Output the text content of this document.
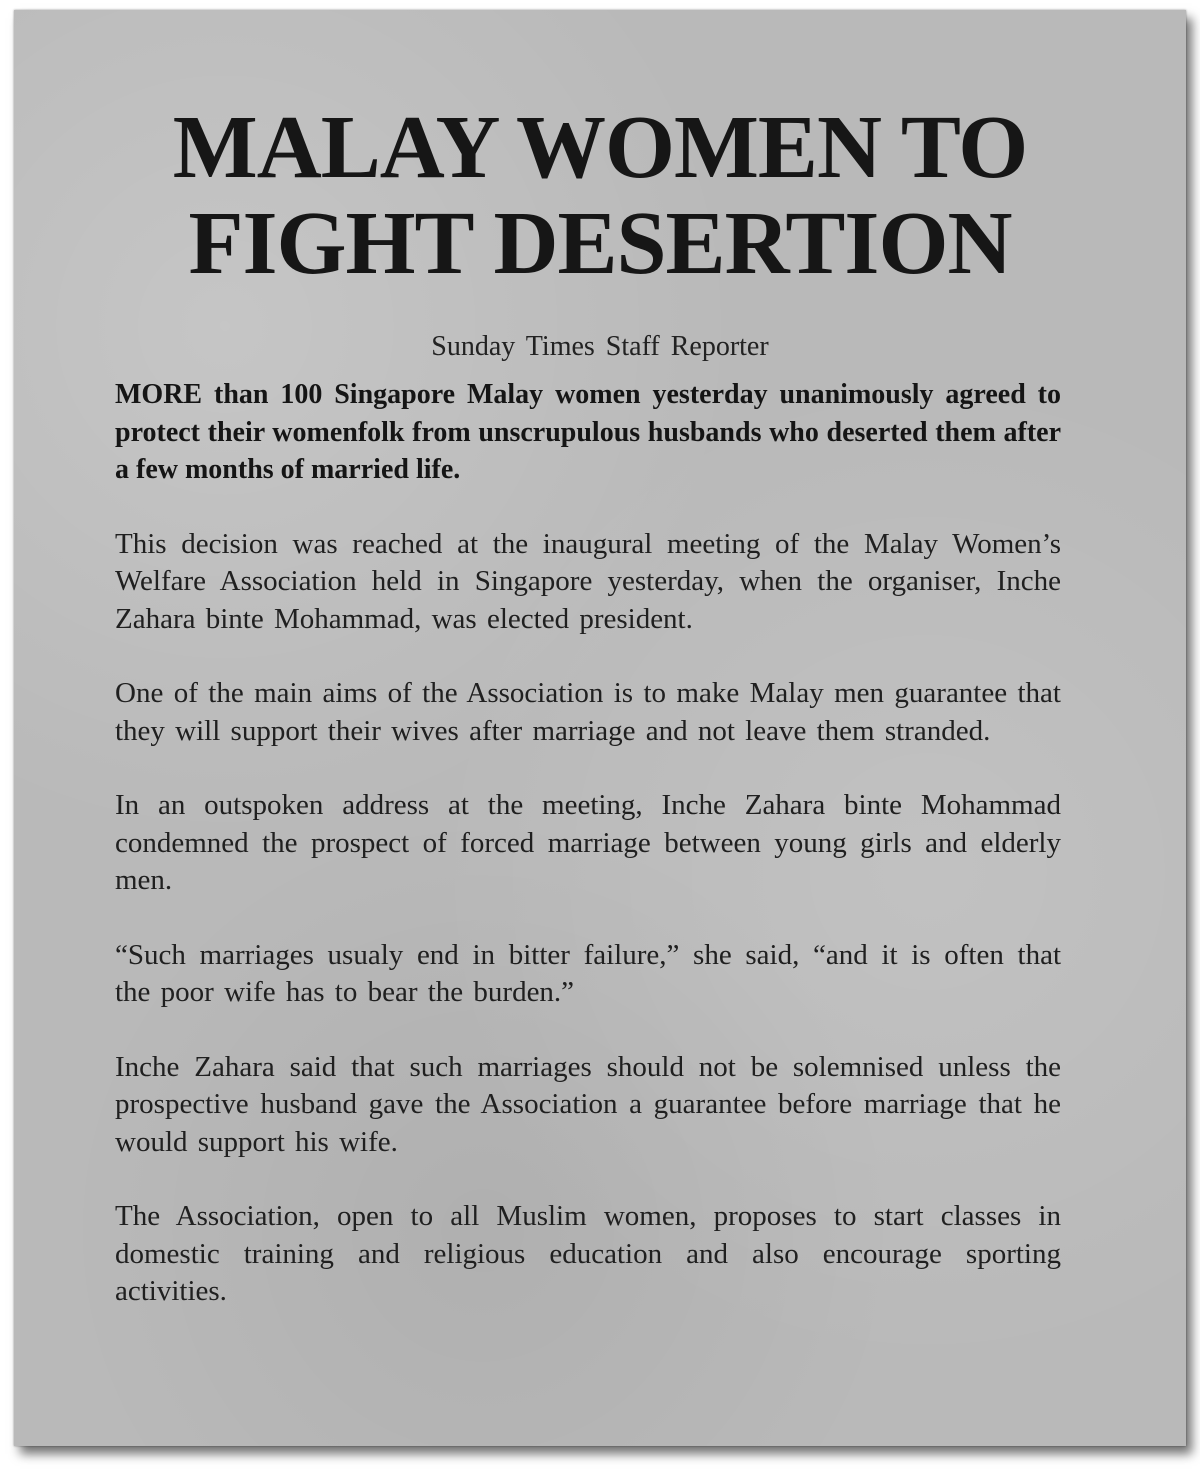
MALAY WOMEN TO
FIGHT DESERTION
Sunday Times Staff Reporter

MORE than 100 Singapore Malay women yesterday unanimously agreed to protect their womenfolk from unscrupulous husbands who deserted them after a few months of married life.

This decision was reached at the inaugural meeting of the Malay Women’s Welfare Association held in Singapore yesterday, when the organiser, Inche Zahara binte Mohammad, was elected president.

One of the main aims of the Association is to make Malay men guarantee that they will support their wives after marriage and not leave them stranded.

In an outspoken address at the meeting, Inche Zahara binte Mohammad condemned the prospect of forced marriage between young girls and elderly men.

“Such marriages usualy end in bitter failure,” she said, “and it is often that the poor wife has to bear the burden.”

Inche Zahara said that such marriages should not be solemnised unless the prospective husband gave the Association a guarantee before marriage that he would support his wife.

The Association, open to all Muslim women, proposes to start classes in domestic training and religious education and also encourage sporting activities.
